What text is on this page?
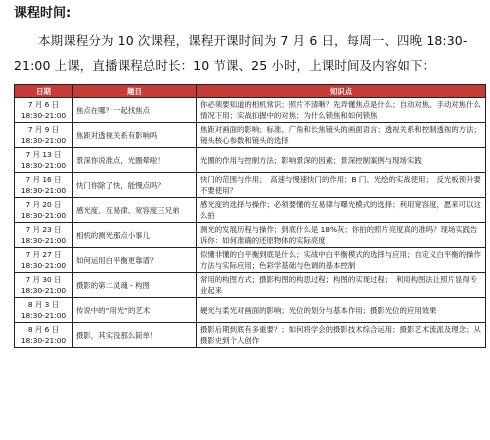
课程时间:

本期课程分为 10 次课程，课程开课时间为 7 月 6 日，每周一、四晚 18:30-21:00 上课，直播课程总时长：10 节课、25 小时，上课时间及内容如下：

日期	题目	知识点

7 月 6 日
18:30-21:00	焦点在哪？一起找焦点	你必须要知道的相机常识；照片不清晰？先弄懂焦点是什么；自动对焦、手动对焦什么情况下用；实战扣握中的对焦；为什么锁焦和如何锁焦

7 月 9 日
18:30-21:00	焦距对透视关系有影响吗	焦距对画面的影响；标准、广角和长焦镜头的画面语言；透视关系和控制透视的方法；镜头核心参数和镜头的选择

7 月 13 日
18:30-21:00	景深你说准点，光圈晕啦！	光圈的作用与控制方法；影响景深的因素；景深控制案例与现场实践

7 月 16 日
18:30-21:00	快门你除了快，能慢点吗？	快门的范围与作用；　高速与慢速快门的作用；B 门、光绘的实战使用；　反光板预升要不要使用？

7 月 20 日
18:30-21:00	感光度、互易律、宽容度三兄弟	感光度的选择与操作；必须要懂的互易律与曝光模式的选择；利用宽容度，愿来可以这么拍

7 月 23 日
18:30-21:00	相机的测光那点小事儿	测光的发展历程与操作；到底什么是 18%灰；你拍的照片亮度真的准吗？现场实践告诉你：如何准确的还原物体的实际亮度

7 月 27 日
18:30-21:00	如何运用白平衡更靠谱？	似懂非懂的白平衡到底是什么；实战中白平衡模式的选择与应用；自定义白平衡的操作方法与实际应用；色彩学基础与色调的基本控制

7 月 30 日
18:30-21:00	摄影的第二灵魂 - 构图	常用的构图方式；摄影构图的构思过程；构图的实现过程；　利用构图法让照片显得专业起来

8 月 3 日
18:30-21:00	传说中的“用光”的艺术	硬光与柔光对画面的影响；光位的划分与基本作用；摄影光位的应用效果

8 月 6 日
18:30-21:00	摄影，其实没那么简单！	摄影后期到底有多重要？；如何将学会的摄影技术综合运用；摄影艺术流派及理念；从摄影史到个人创作
